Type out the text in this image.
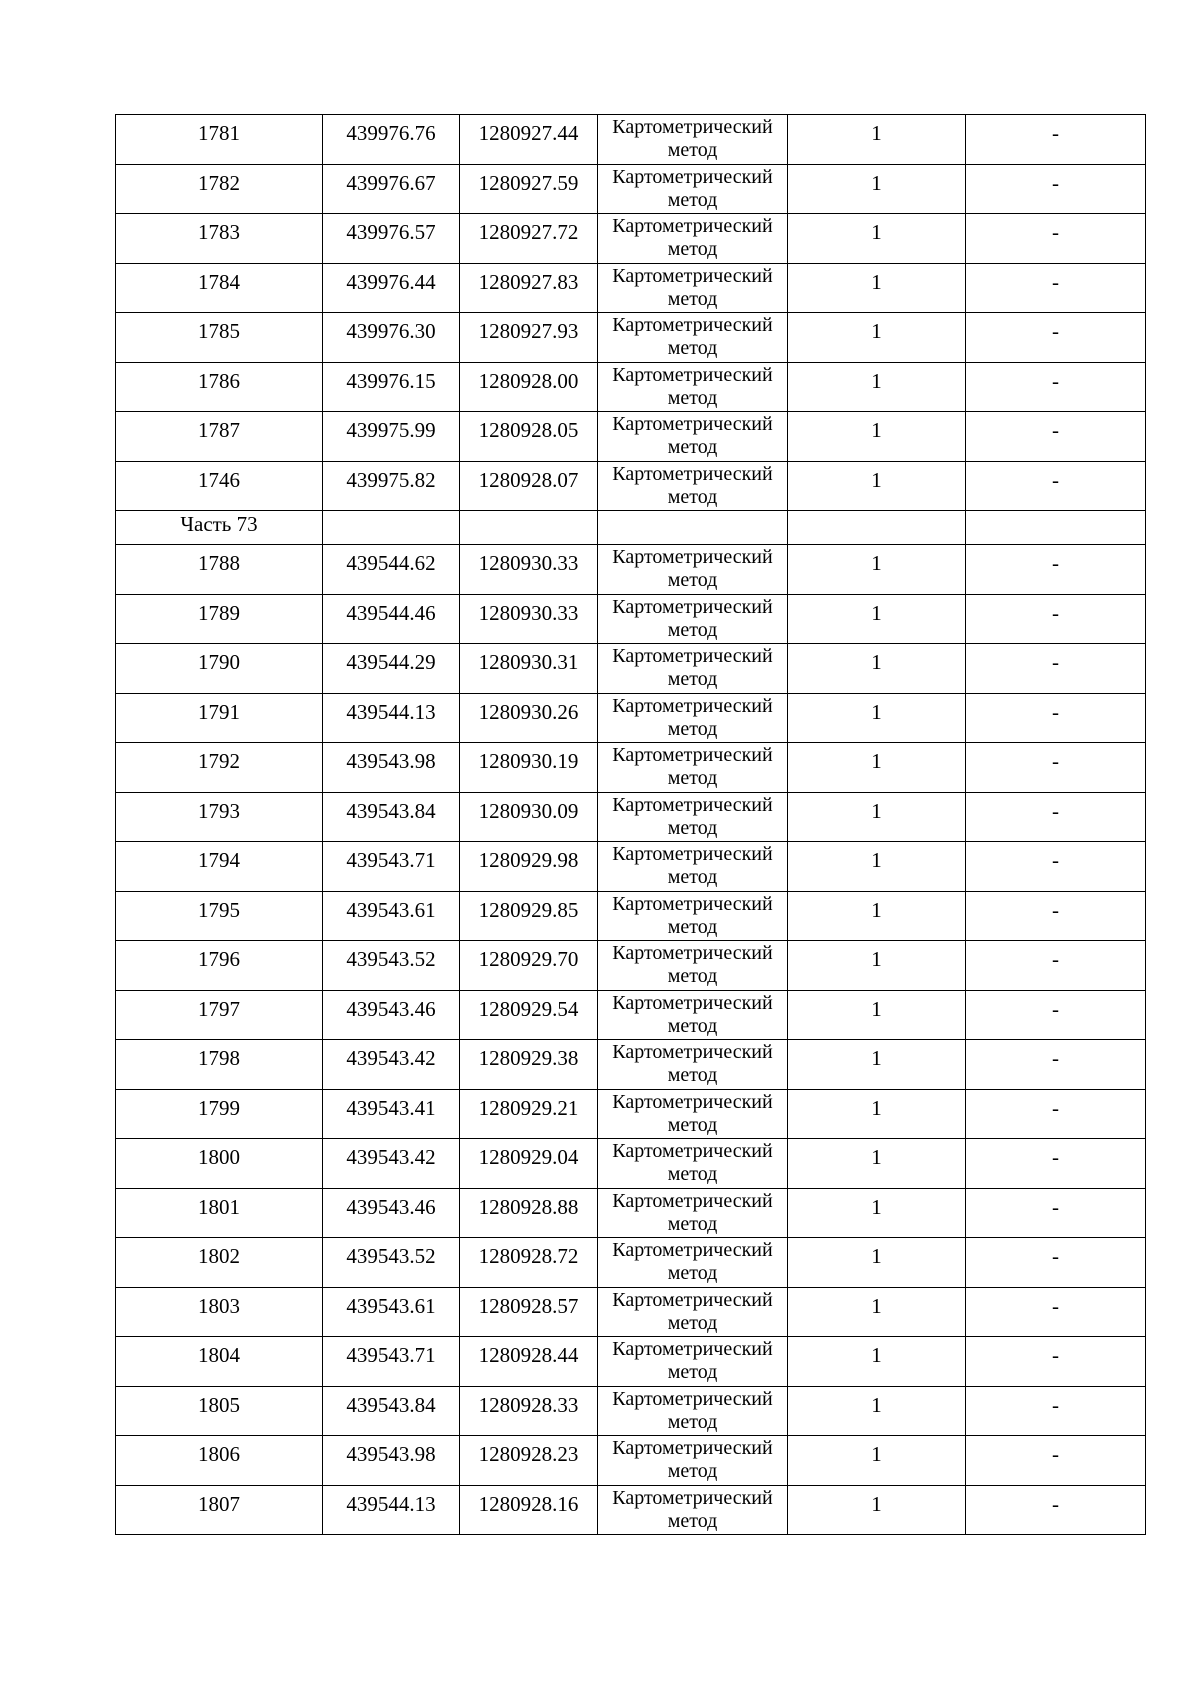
1781	439976.76	1280927.44	Картометрический
метод	1	-

1782	439976.67	1280927.59	Картометрический
метод	1	-

1783	439976.57	1280927.72	Картометрический
метод	1	-

1784	439976.44	1280927.83	Картометрический
метод	1	-

1785	439976.30	1280927.93	Картометрический
метод	1	-

1786	439976.15	1280928.00	Картометрический
метод	1	-

1787	439975.99	1280928.05	Картометрический
метод	1	-

1746	439975.82	1280928.07	Картометрический
метод	1	-

Часть 73					

1788	439544.62	1280930.33	Картометрический
метод	1	-

1789	439544.46	1280930.33	Картометрический
метод	1	-

1790	439544.29	1280930.31	Картометрический
метод	1	-

1791	439544.13	1280930.26	Картометрический
метод	1	-

1792	439543.98	1280930.19	Картометрический
метод	1	-

1793	439543.84	1280930.09	Картометрический
метод	1	-

1794	439543.71	1280929.98	Картометрический
метод	1	-

1795	439543.61	1280929.85	Картометрический
метод	1	-

1796	439543.52	1280929.70	Картометрический
метод	1	-

1797	439543.46	1280929.54	Картометрический
метод	1	-

1798	439543.42	1280929.38	Картометрический
метод	1	-

1799	439543.41	1280929.21	Картометрический
метод	1	-

1800	439543.42	1280929.04	Картометрический
метод	1	-

1801	439543.46	1280928.88	Картометрический
метод	1	-

1802	439543.52	1280928.72	Картометрический
метод	1	-

1803	439543.61	1280928.57	Картометрический
метод	1	-

1804	439543.71	1280928.44	Картометрический
метод	1	-

1805	439543.84	1280928.33	Картометрический
метод	1	-

1806	439543.98	1280928.23	Картометрический
метод	1	-

1807	439544.13	1280928.16	Картометрический
метод	1	-
